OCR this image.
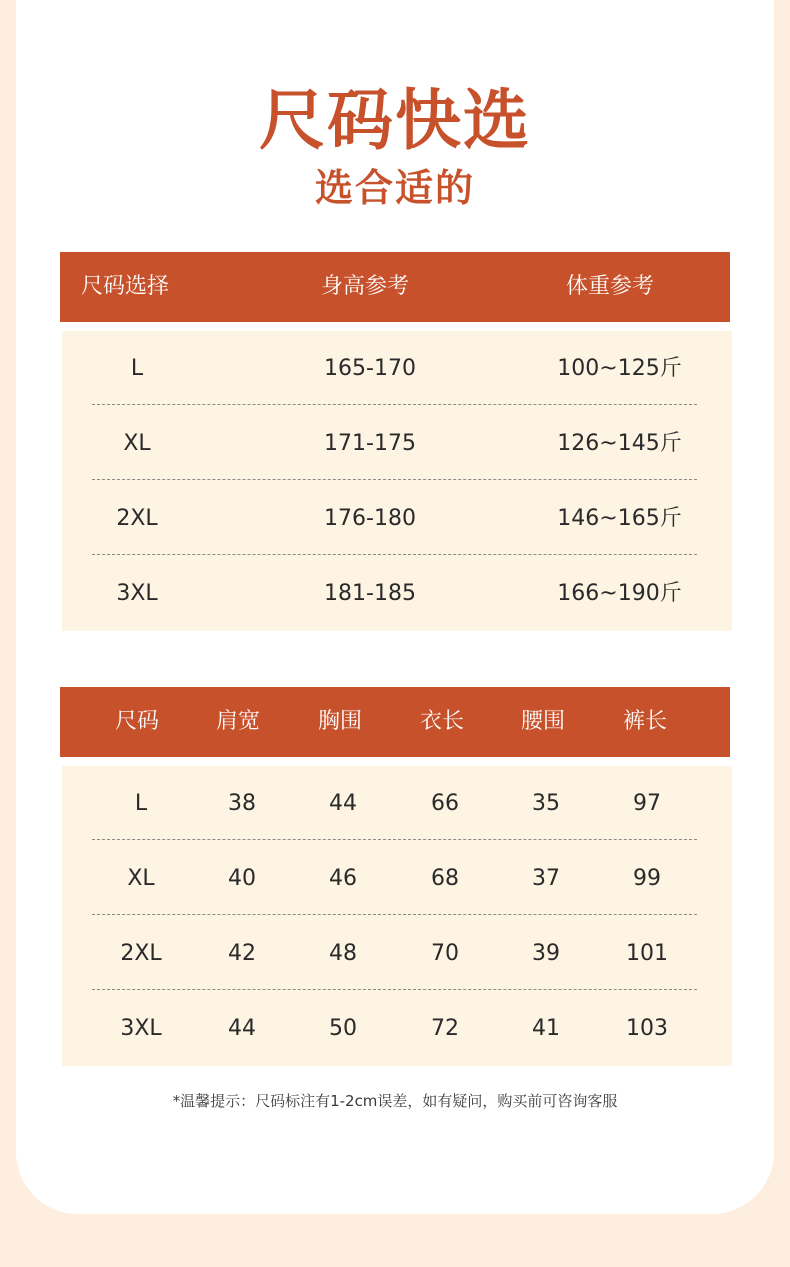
尺码快选
选合适的
尺码选择	身高参考	体重参考
L	165-170	100~125斤
XL	171-175	126~145斤
2XL	176-180	146~165斤
3XL	181-185	166~190斤
尺码	肩宽	胸围	衣长	腰围	裤长
L	38	44	66	35	97
XL	40	46	68	37	99
2XL	42	48	70	39	101
3XL	44	50	72	41	103
*温馨提示：尺码标注有1-2cm误差，如有疑问，购买前可咨询客服
